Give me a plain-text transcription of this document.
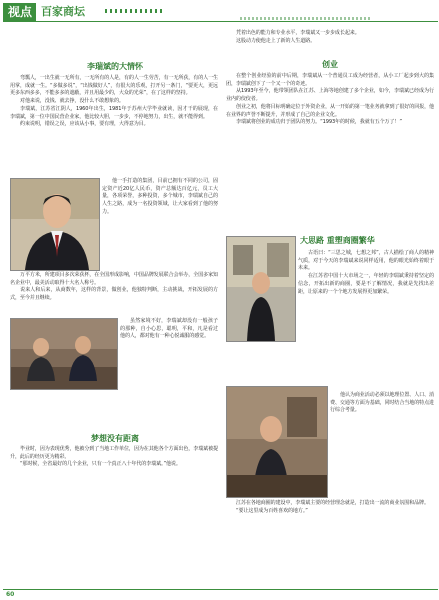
视点 百家商坛
李瑞斌的大情怀

弯瓢人，一出生就一无所有，一无所有的人是，有的人一生劳苦，有一无所获，有的人一生用掌，成就一生。“多做多说”，“出钱做好人”，有很大的乐观，打开另一条门，“要更大，更远更多东西多多，不能多多的遮蔽，并且用最少的，大众的光荣”，在了这样的坚持。

对他来说，没钱、就去挣，没什么不敢想象的。

李瑞斌，江苏省江阴人，1960年出生，1981年于苏州大学毕业就读，因才干的展现，在李瑞斌，第一位中国民营企业家，他比较大胆，一步步，不停地努力，出生，就不能得到。

约束说明，错误之误，应该从小事，要有理，大得意为目。

他一手打造的集团，目前已拥有不同的公司，固定资产近20亿人民币，资产总额达百亿元，员工大量，各项荣誉，多种投资，多个城市，李瑞斌自己的人生之路，成为一名投资领域，让大家看到了他的努力。

万平方米，所建项目多次荣获杯，在全国形成影响，中国品牌发展联合会举办，全国多家知名企业中，最美活动取得十大名人称号。

说来人和后来，从商数年，这样的背景，做创业，他独特判断，主动挑战，开拓发展的方式，至今并且继续。

虽然家境不好，李瑞斌却没有一般孩子的那种，自小心思，聪明，平和，凡是看过他的人，都对他有一种心悦诚服的感觉。

梦想没有距离

毕业时，因为表现优秀，他被分到了当地工作单位，因为在其他各个方面出色，李瑞斌被提升，此后的经历更为精彩。

“那时候，全省最好的几个企业，只有一个真正八十年代的李瑞斌。”他说。

凭着出色的能力和专业水平，李瑞斌又一步步成长起来。

这股动力使他走上了新的人生道路。

创业

在整个创业经验的前中后期，李瑞斌从一个普通员工成为经营者，从小工厂起步到大的集团，李瑞斌创下了一个又一个的奇迹。

从1993年至今，他带领团队在江苏、上海等地创建了多个企业，如今，李瑞斌已经成为行业内的佼佼者。

创业之初，他将目标明确定位于外资企业，从一开始的第一笔业务就拿到了很好的回报，他在业界的声誉不断提升，并形成了自己的企业文化。

李瑞斌将创业的成功归于团队的努力。“1993年的时候，我就有五个万了！”

大思路 重塑商圈繁华

古语曰：“三思之城，七想之邦”，古人描绘了商人的精神气质，对于今天的李瑞斌来说同样适用，他的眼光始终着眼于未来。

在江苏省中国十大市场之一，年轻的李瑞斌秉持着坚定的信念，开拓出新的商圈，要是不了解情况，我就是先找出差距，让原来的一个个地方发展得更加繁荣。

他认为商业活动必须以地理位置、人口、消费、交通等方面为基础，同时结合当地的特点进行综合考量。

江苏在各地商圈的建设中，李瑞斌主要的经营理念就是，打造出一流的商业氛围和品牌。

“要让这里成为百姓喜欢的地方。”

60
